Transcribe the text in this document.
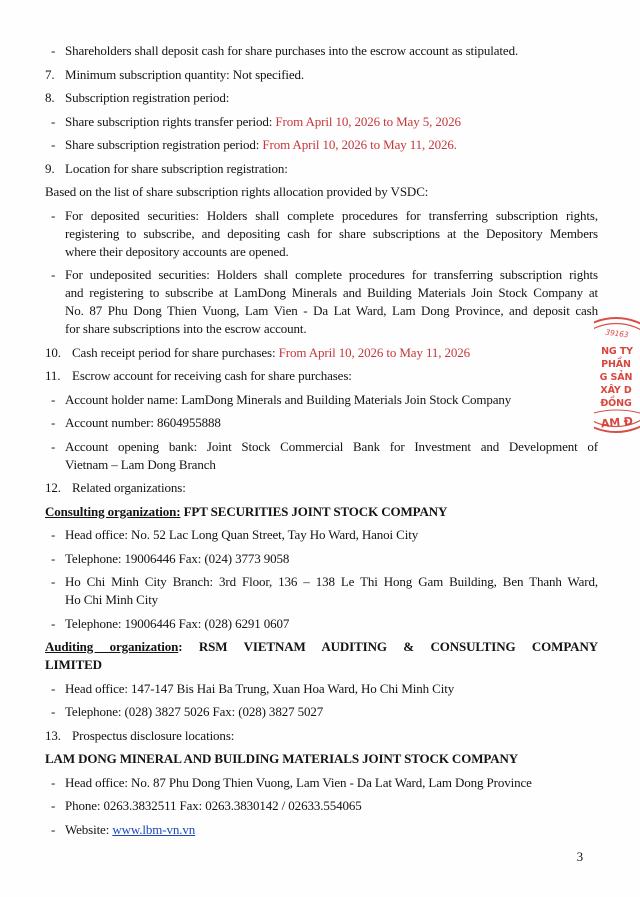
- Shareholders shall deposit cash for share purchases into the escrow account as stipulated.
7. Minimum subscription quantity: Not specified.
8. Subscription registration period:
- Share subscription rights transfer period: From April 10, 2026 to May 5, 2026
- Share subscription registration period: From April 10, 2026 to May 11, 2026.
9. Location for share subscription registration:
Based on the list of share subscription rights allocation provided by VSDC:
- For deposited securities: Holders shall complete procedures for transferring subscription rights,
registering to subscribe, and depositing cash for share subscriptions at the Depository Members
where their depository accounts are opened.
- For undeposited securities: Holders shall complete procedures for transferring subscription rights
and registering to subscribe at LamDong Minerals and Building Materials Join Stock Company at
No. 87 Phu Dong Thien Vuong, Lam Vien - Da Lat Ward, Lam Dong Province, and deposit cash
for share subscriptions into the escrow account.
10. Cash receipt period for share purchases: From April 10, 2026 to May 11, 2026
11. Escrow account for receiving cash for share purchases:
- Account holder name: LamDong Minerals and Building Materials Join Stock Company
- Account number: 8604955888
- Account opening bank: Joint Stock Commercial Bank for Investment and Development of
Vietnam – Lam Dong Branch
12. Related organizations:
Consulting organization: FPT SECURITIES JOINT STOCK COMPANY
- Head office: No. 52 Lac Long Quan Street, Tay Ho Ward, Hanoi City
- Telephone: 19006446 Fax: (024) 3773 9058
- Ho Chi Minh City Branch: 3rd Floor, 136 – 138 Le Thi Hong Gam Building, Ben Thanh Ward,
Ho Chi Minh City
- Telephone: 19006446 Fax: (028) 6291 0607
Auditing organization: RSM VIETNAM AUDITING & CONSULTING COMPANY
LIMITED
- Head office: 147-147 Bis Hai Ba Trung, Xuan Hoa Ward, Ho Chi Minh City
- Telephone: (028) 3827 5026 Fax: (028) 3827 5027
13. Prospectus disclosure locations:
LAM DONG MINERAL AND BUILDING MATERIALS JOINT STOCK COMPANY
- Head office: No. 87 Phu Dong Thien Vuong, Lam Vien - Da Lat Ward, Lam Dong Province
- Phone: 0263.3832511 Fax: 0263.3830142 / 02633.554065
- Website: www.lbm-vn.vn
39163
NG TY
PHẦN
G SẢN
XÂY D
ĐỒNG
AM Đ
3
